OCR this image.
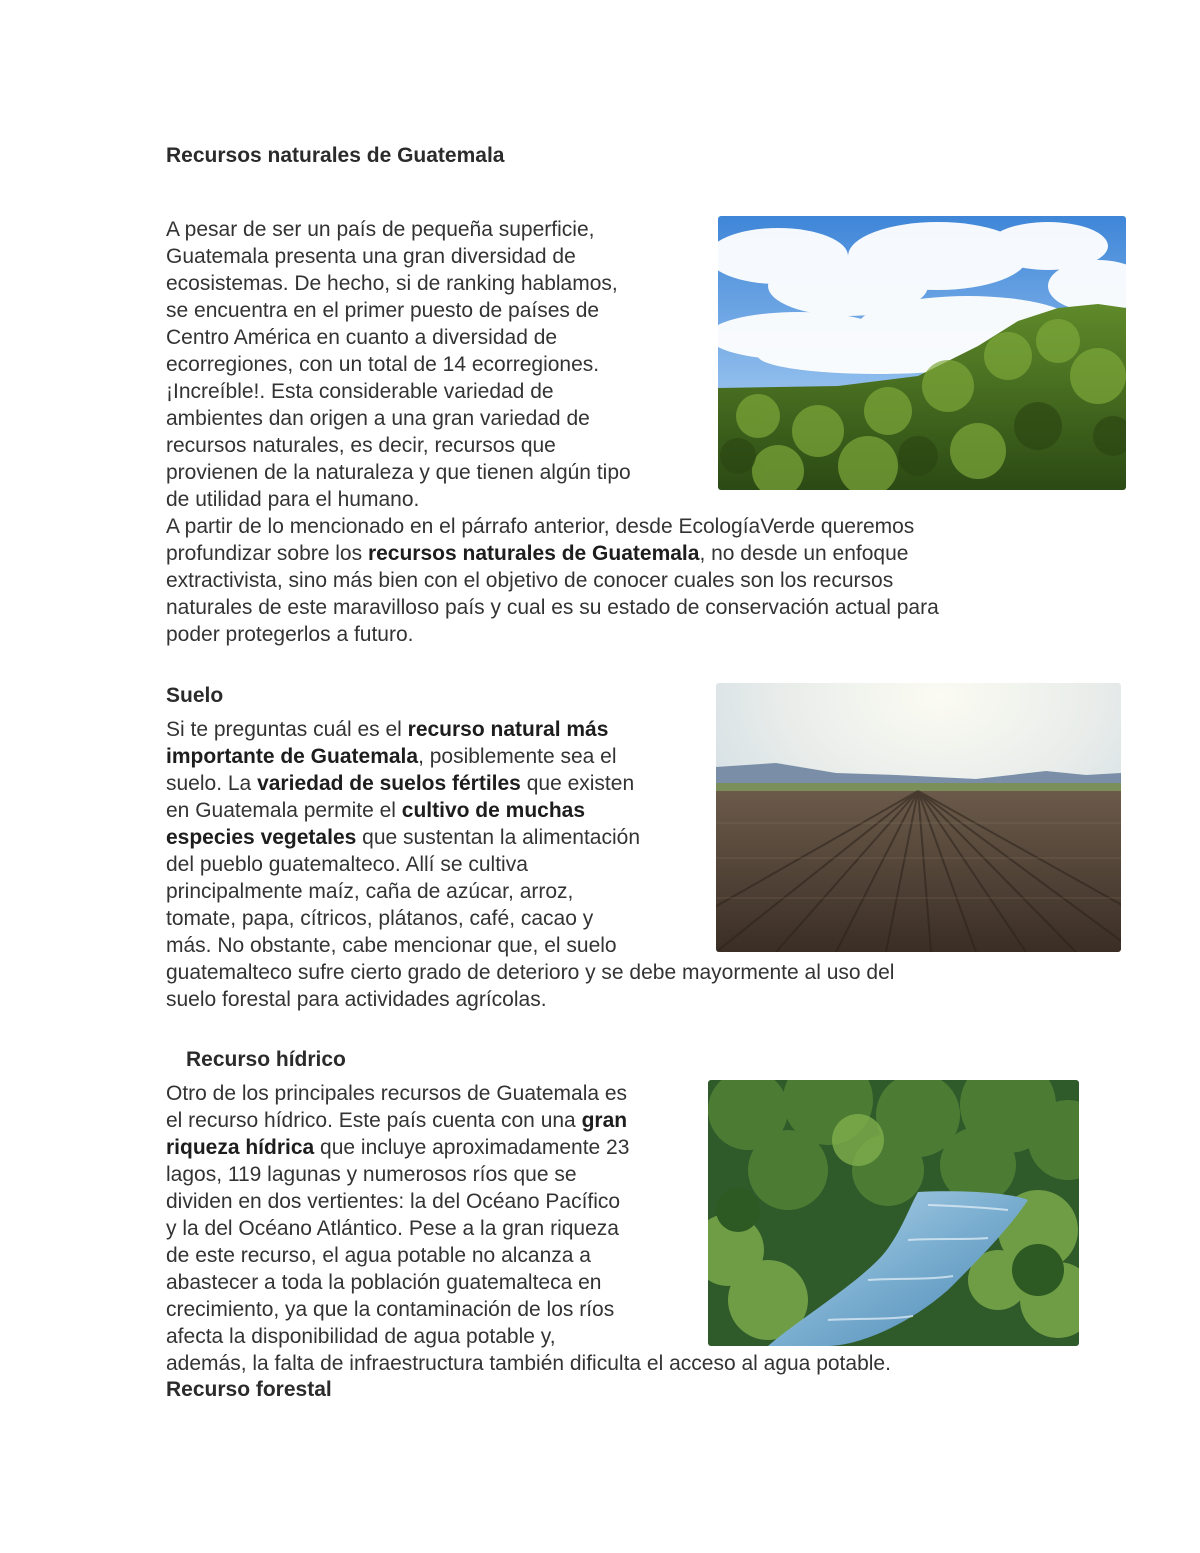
Recursos naturales de Guatemala
A pesar de ser un país de pequeña superficie,
Guatemala presenta una gran diversidad de
ecosistemas. De hecho, si de ranking hablamos,
se encuentra en el primer puesto de países de
Centro América en cuanto a diversidad de
ecorregiones, con un total de 14 ecorregiones.
¡Increíble!. Esta considerable variedad de
ambientes dan origen a una gran variedad de
recursos naturales, es decir, recursos que
provienen de la naturaleza y que tienen algún tipo
de utilidad para el humano.
A partir de lo mencionado en el párrafo anterior, desde EcologíaVerde queremos
profundizar sobre los recursos naturales de Guatemala, no desde un enfoque
extractivista, sino más bien con el objetivo de conocer cuales son los recursos
naturales de este maravilloso país y cual es su estado de conservación actual para
poder protegerlos a futuro.
Suelo
Si te preguntas cuál es el recurso natural más
importante de Guatemala, posiblemente sea el
suelo. La variedad de suelos fértiles que existen
en Guatemala permite el cultivo de muchas
especies vegetales que sustentan la alimentación
del pueblo guatemalteco. Allí se cultiva
principalmente maíz, caña de azúcar, arroz,
tomate, papa, cítricos, plátanos, café, cacao y
más. No obstante, cabe mencionar que, el suelo
guatemalteco sufre cierto grado de deterioro y se debe mayormente al uso del
suelo forestal para actividades agrícolas.
Recurso hídrico
Otro de los principales recursos de Guatemala es
el recurso hídrico. Este país cuenta con una gran
riqueza hídrica que incluye aproximadamente 23
lagos, 119 lagunas y numerosos ríos que se
dividen en dos vertientes: la del Océano Pacífico
y la del Océano Atlántico. Pese a la gran riqueza
de este recurso, el agua potable no alcanza a
abastecer a toda la población guatemalteca en
crecimiento, ya que la contaminación de los ríos
afecta la disponibilidad de agua potable y,
además, la falta de infraestructura también dificulta el acceso al agua potable.
Recurso forestal
